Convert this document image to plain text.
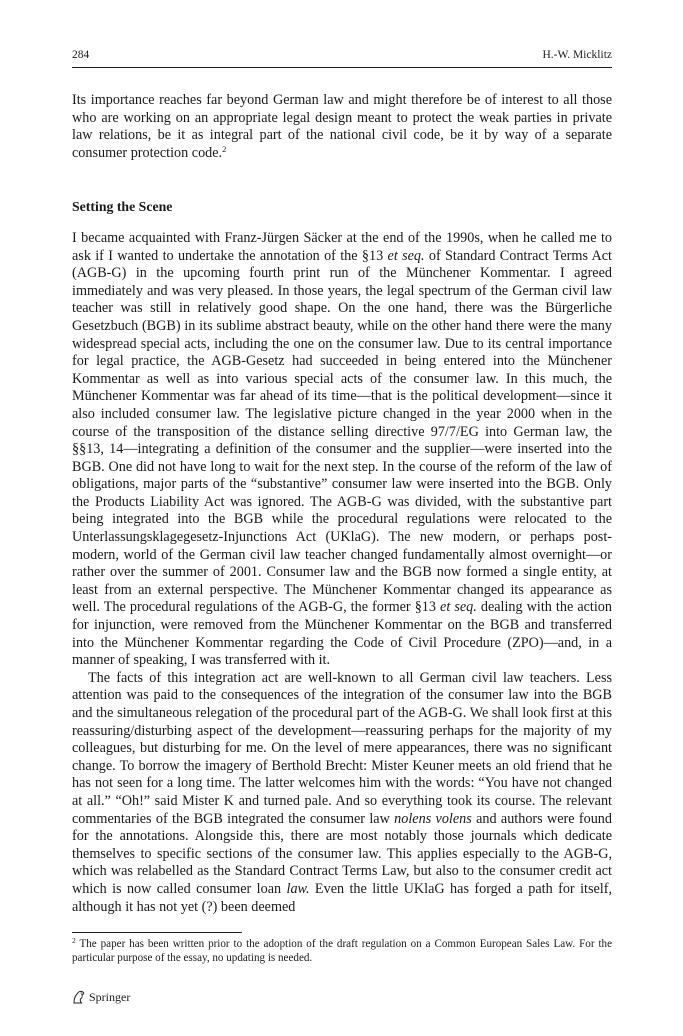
284	H.-W. Micklitz

Its importance reaches far beyond German law and might therefore be of interest to all those who are working on an appropriate legal design meant to protect the weak parties in private law relations, be it as integral part of the national civil code, be it by way of a separate consumer protection code.$^2$

Setting the Scene

I became acquainted with Franz-Jürgen Säcker at the end of the 1990s, when he called me to ask if I wanted to undertake the annotation of the §13 et seq. of Standard Contract Terms Act (AGB-G) in the upcoming fourth print run of the Münchener Kommentar. I agreed immediately and was very pleased. In those years, the legal spectrum of the German civil law teacher was still in relatively good shape. On the one hand, there was the Bürgerliche Gesetzbuch (BGB) in its sublime abstract beauty, while on the other hand there were the many widespread special acts, including the one on the consumer law. Due to its central importance for legal practice, the AGB-Gesetz had succeeded in being entered into the Münchener Kommentar as well as into various special acts of the consumer law. In this much, the Münchener Kommentar was far ahead of its time—that is the political development—since it also included consumer law. The legislative picture changed in the year 2000 when in the course of the transposition of the distance selling directive 97/7/EG into German law, the §§13, 14—integrating a definition of the consumer and the supplier—were inserted into the BGB. One did not have long to wait for the next step. In the course of the reform of the law of obligations, major parts of the “substantive” consumer law were inserted into the BGB. Only the Products Liability Act was ignored. The AGB-G was divided, with the substantive part being integrated into the BGB while the procedural regulations were relocated to the Unterlassungsklagegesetz-Injunctions Act (UKlaG). The new modern, or perhaps post-modern, world of the German civil law teacher changed fundamentally almost overnight—or rather over the summer of 2001. Consumer law and the BGB now formed a single entity, at least from an external perspective. The Münchener Kommentar changed its appearance as well. The procedural regulations of the AGB-G, the former §13 et seq. dealing with the action for injunction, were removed from the Münchener Kommentar on the BGB and transferred into the Münchener Kommentar regarding the Code of Civil Procedure (ZPO)—and, in a manner of speaking, I was transferred with it.

The facts of this integration act are well-known to all German civil law teachers. Less attention was paid to the consequences of the integration of the consumer law into the BGB and the simultaneous relegation of the procedural part of the AGB-G. We shall look first at this reassuring/disturbing aspect of the development—reassuring perhaps for the majority of my colleagues, but disturbing for me. On the level of mere appearances, there was no significant change. To borrow the imagery of Berthold Brecht: Mister Keuner meets an old friend that he has not seen for a long time. The latter welcomes him with the words: “You have not changed at all.” “Oh!” said Mister K and turned pale. And so everything took its course. The relevant commentaries of the BGB integrated the consumer law nolens volens and authors were found for the annotations. Alongside this, there are most notably those journals which dedicate themselves to specific sections of the consumer law. This applies especially to the AGB-G, which was relabelled as the Standard Contract Terms Law, but also to the consumer credit act which is now called consumer loan law. Even the little UKlaG has forged a path for itself, although it has not yet (?) been deemed

$^2$ The paper has been written prior to the adoption of the draft regulation on a Common European Sales Law. For the particular purpose of the essay, no updating is needed.

Springer
